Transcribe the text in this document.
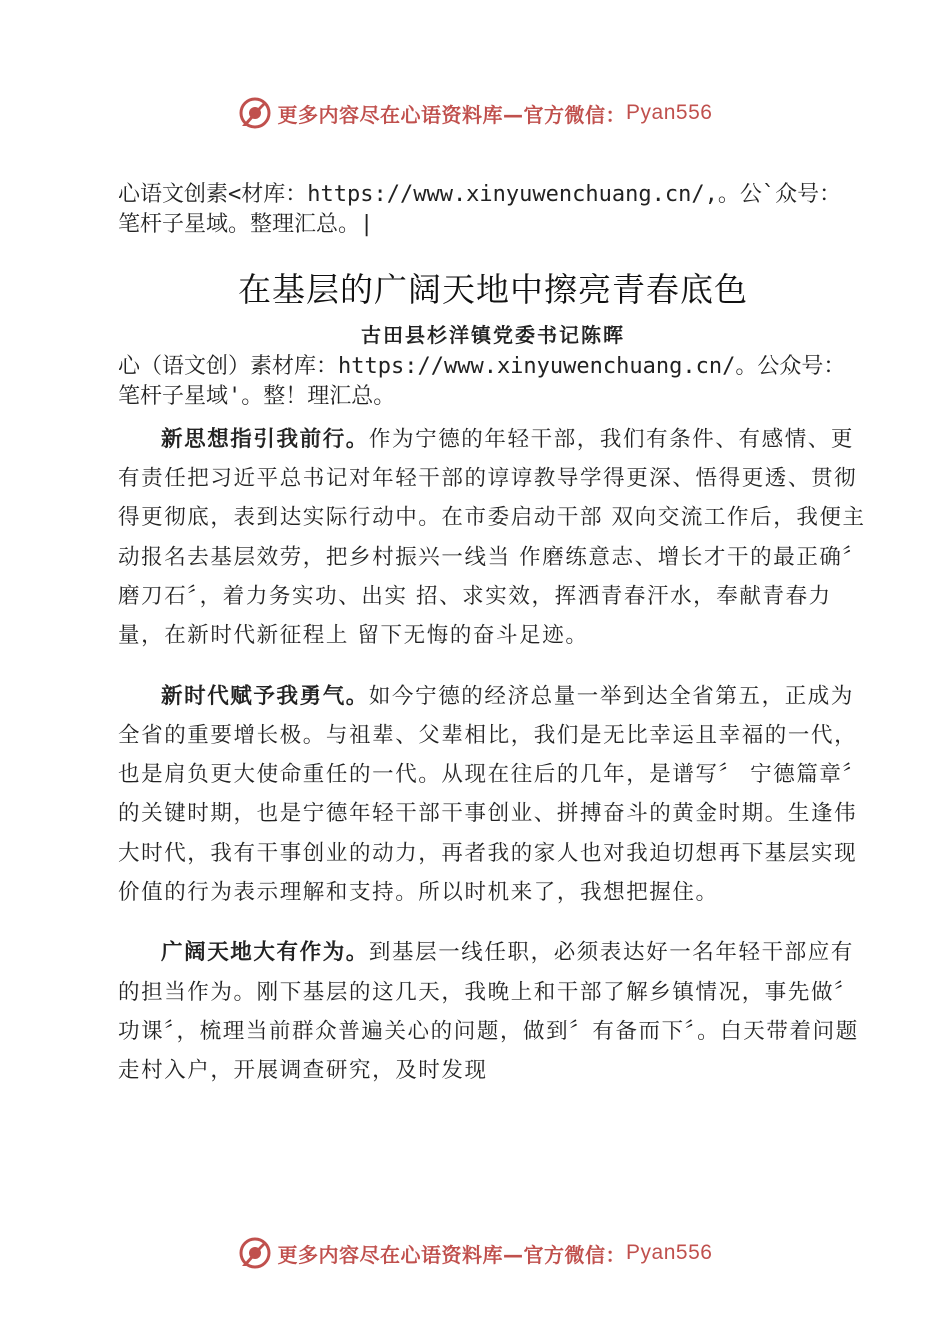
更多内容尽在心语资料库—官方微信： Pyan556
心语文创素<材库：https://www.xinyuwenchuang.cn/,。公`众号：
笔杆子星域。整理汇总。|
在基层的广阔天地中擦亮青春底色
古田县杉洋镇党委书记陈晖
心（语文创）素材库：https://www.xinyuwenchuang.cn/。公众号：
笔杆子星域'。整！理汇总。

新思想指引我前行。作为宁德的年轻干部，我们有条件、有感情、更有责任把习近平总书记对年轻干部的谆谆教导学得更深、悟得更透、贯彻得更彻底，表到达实际行动中。在市委启动干部 双向交流工作后，我便主动报名去基层效劳，把乡村振兴一线当 作磨练意志、增长才干的最正确〞磨刀石〞，着力务实功、出实 招、求实效，挥洒青春汗水，奉献青春力量，在新时代新征程上 留下无悔的奋斗足迹。

新时代赋予我勇气。如今宁德的经济总量一举到达全省第五，正成为全省的重要增长极。与祖辈、父辈相比，我们是无比幸运且幸福的一代，也是肩负更大使命重任的一代。从现在往后的几年，是谱写〞 宁德篇章〞 的关键时期，也是宁德年轻干部干事创业、拼搏奋斗的黄金时期。生逢伟大时代，我有干事创业的动力，再者我的家人也对我迫切想再下基层实现价值的行为表示理解和支持。所以时机来了，我想把握住。

广阔天地大有作为。到基层一线任职，必须表达好一名年轻干部应有的担当作为。刚下基层的这几天，我晚上和干部了解乡镇情况，事先做〞功课〞，梳理当前群众普遍关心的问题，做到〞有备而下〞。白天带着问题走村入户，开展调查研究，及时发现

更多内容尽在心语资料库—官方微信： Pyan556
